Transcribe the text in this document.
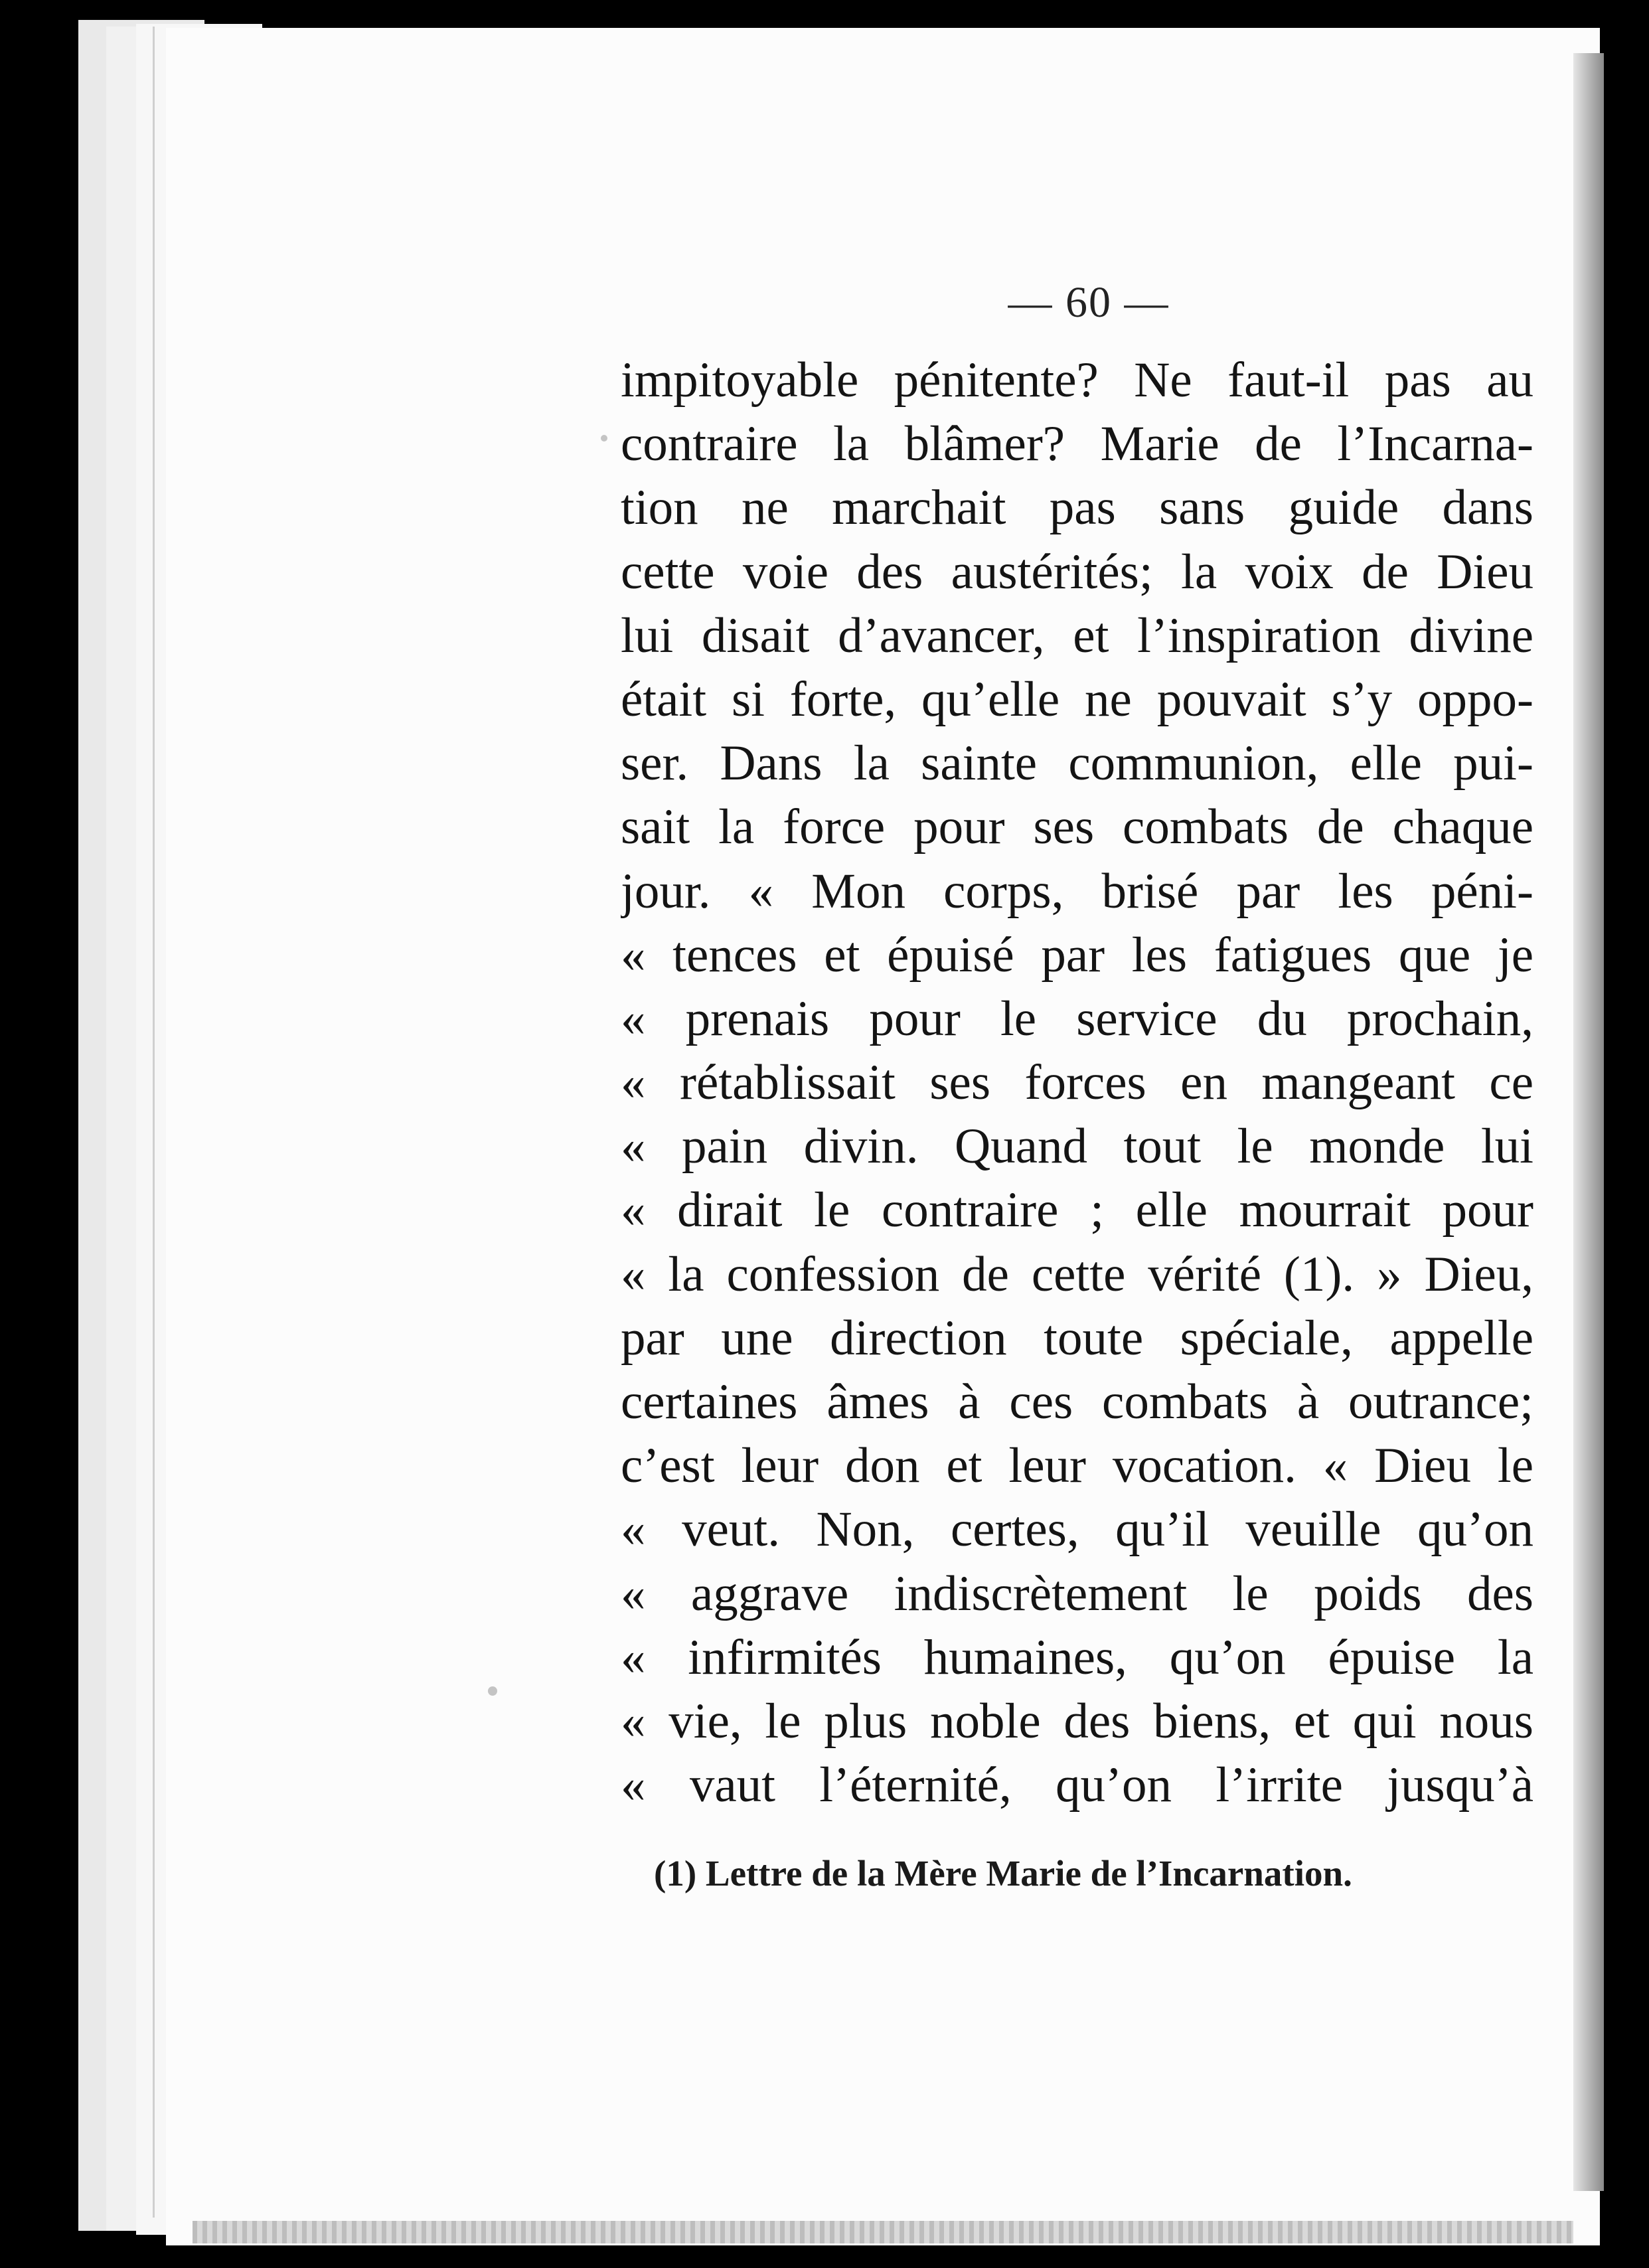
— 60 —
impitoyable pénitente? Ne faut-il pas au
contraire la blâmer? Marie de l’Incarna-
tion ne marchait pas sans guide dans
cette voie des austérités; la voix de Dieu
lui disait d’avancer, et l’inspiration divine
était si forte, qu’elle ne pouvait s’y oppo-
ser. Dans la sainte communion, elle pui-
sait la force pour ses combats de chaque
jour. « Mon corps, brisé par les péni-
« tences et épuisé par les fatigues que je
« prenais pour le service du prochain,
« rétablissait ses forces en mangeant ce
« pain divin. Quand tout le monde lui
« dirait le contraire ; elle mourrait pour
« la confession de cette vérité (1). » Dieu,
par une direction toute spéciale, appelle
certaines âmes à ces combats à outrance;
c’est leur don et leur vocation. « Dieu le
« veut. Non, certes, qu’il veuille qu’on
« aggrave indiscrètement le poids des
« infirmités humaines, qu’on épuise la
« vie, le plus noble des biens, et qui nous
« vaut l’éternité, qu’on l’irrite jusqu’à
(1) Lettre de la Mère Marie de l’Incarnation.
